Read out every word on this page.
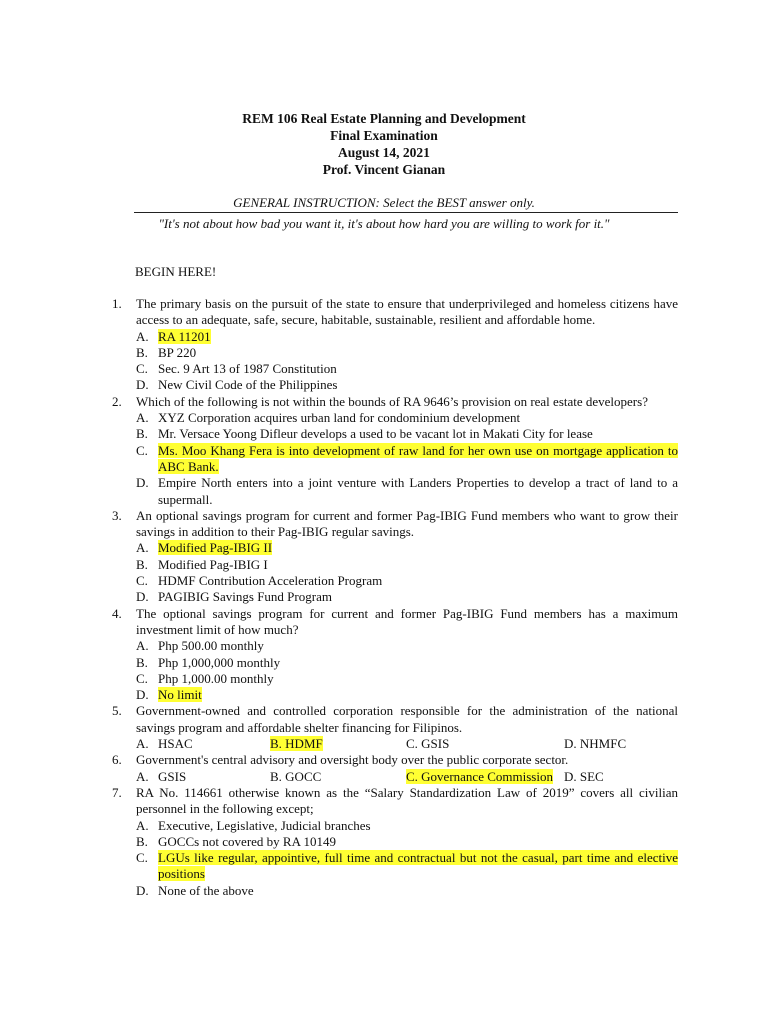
REM 106 Real Estate Planning and Development
Final Examination
August 14, 2021
Prof. Vincent Gianan
GENERAL INSTRUCTION: Select the BEST answer only.
"It's not about how bad you want it, it's about how hard you are willing to work for it."
BEGIN HERE!
1. The primary basis on the pursuit of the state to ensure that underprivileged and homeless citizens have access to an adequate, safe, secure, habitable, sustainable, resilient and affordable home.
A. RA 11201
B. BP 220
C. Sec. 9 Art 13 of 1987 Constitution
D. New Civil Code of the Philippines
2. Which of the following is not within the bounds of RA 9646’s provision on real estate developers?
A. XYZ Corporation acquires urban land for condominium development
B. Mr. Versace Yoong Difleur develops a used to be vacant lot in Makati City for lease
C. Ms. Moo Khang Fera is into development of raw land for her own use on mortgage application to ABC Bank.
D. Empire North enters into a joint venture with Landers Properties to develop a tract of land to a supermall.
3. An optional savings program for current and former Pag-IBIG Fund members who want to grow their savings in addition to their Pag-IBIG regular savings.
A. Modified Pag-IBIG II
B. Modified Pag-IBIG I
C. HDMF Contribution Acceleration Program
D. PAGIBIG Savings Fund Program
4. The optional savings program for current and former Pag-IBIG Fund members has a maximum investment limit of how much?
A. Php 500.00 monthly
B. Php 1,000,000 monthly
C. Php 1,000.00 monthly
D. No limit
5. Government-owned and controlled corporation responsible for the administration of the national savings program and affordable shelter financing for Filipinos.
A. HSAC	B. HDMF	C. GSIS	D. NHMFC
6. Government's central advisory and oversight body over the public corporate sector.
A. GSIS	B. GOCC	C. Governance Commission D. SEC
7. RA No. 114661 otherwise known as the “Salary Standardization Law of 2019” covers all civilian personnel in the following except;
A. Executive, Legislative, Judicial branches
B. GOCCs not covered by RA 10149
C. LGUs like regular, appointive, full time and contractual but not the casual, part time and elective positions
D. None of the above
